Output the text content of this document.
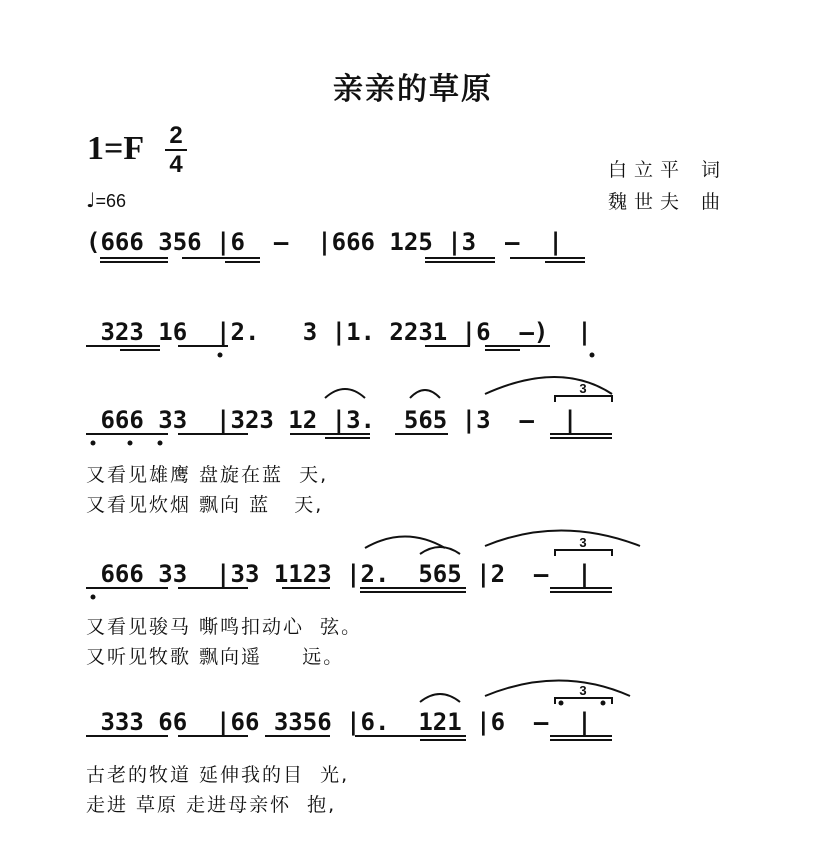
亲亲的草原
1=F 2
4	白立平 词
魏世夫 曲
♩=66
(666 356 |6  –  |666 125 |3  –  |
323 16  |2.   3 |1. 2231 |6  –)  |
666 33  |323 12 |3.  565 |3  –  |
666 33  |33 1123 |2.  565 |2  –  |
333 66  |66 3356 |6.  121 |6  –  |
又看见雄鹰 盘旋在蓝  天,
又看见炊烟 飘向 蓝   天,
又看见骏马 嘶鸣扣动心  弦。
又听见牧歌 飘向遥     远。
古老的牧道 延伸我的目  光,
走进 草原 走进母亲怀  抱,
3
3
3
